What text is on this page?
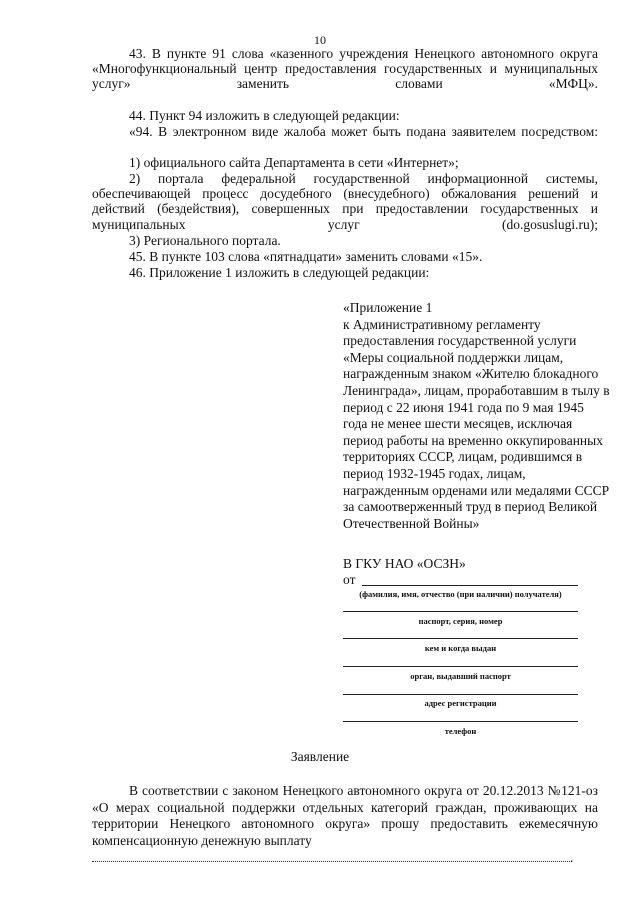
10
43. В пункте 91 слова «казенного учреждения Ненецкого автономного округа «Многофункциональный центр предоставления государственных и муниципальных услуг» заменить словами «МФЦ».
44. Пункт 94 изложить в следующей редакции:
«94. В электронном виде жалоба может быть подана заявителем посредством:
1) официального сайта Департамента в сети «Интернет»;
2) портала федеральной государственной информационной системы, обеспечивающей процесс досудебного (внесудебного) обжалования решений и действий (бездействия), совершенных при предоставлении государственных и муниципальных услуг (do.gosuslugi.ru);
3) Регионального портала.
45. В пункте 103 слова «пятнадцати» заменить словами «15».
46. Приложение 1 изложить в следующей редакции:
«Приложение 1
к Административному регламенту предоставления государственной услуги «Меры социальной поддержки лицам, награжденным знаком «Жителю блокадного Ленинграда», лицам, проработавшим в тылу в период с 22 июня 1941 года по 9 мая 1945 года не менее шести месяцев, исключая период работы на временно оккупированных территориях СССР, лицам, родившимся в период 1932-1945 годах, лицам, награжденным орденами или медалями СССР за самоотверженный труд в период Великой Отечественной Войны»
В ГКУ НАО «ОСЗН»
от
(фамилия, имя, отчество (при наличии) получателя)
паспорт, серия, номер
кем и когда выдан
орган, выдавший паспорт
адрес регистрации
телефон
Заявление
В соответствии с законом Ненецкого автономного округа от 20.12.2013 №121-оз «О мерах социальной поддержки отдельных категорий граждан, проживающих на территории Ненецкого автономного округа» прошу предоставить ежемесячную компенсационную денежную выплату
.
